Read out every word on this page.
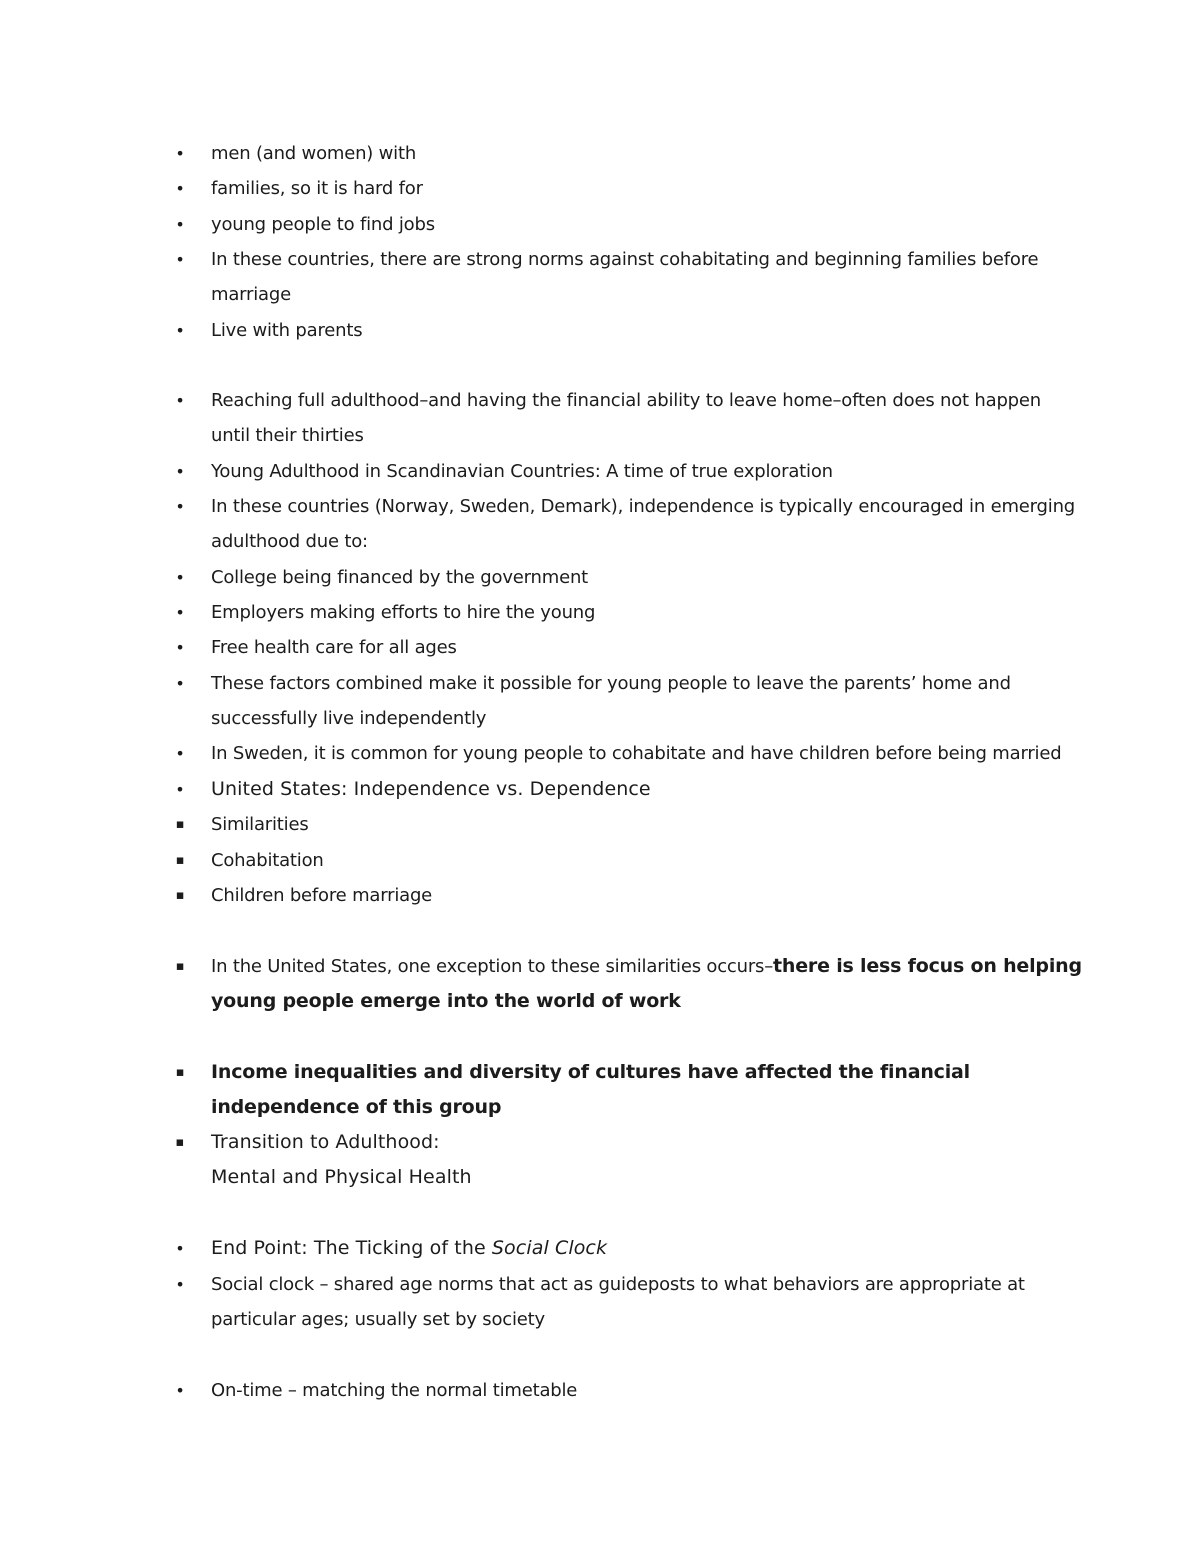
• men (and women) with
• families, so it is hard for
• young people to find jobs
• In these countries, there are strong norms against cohabitating and beginning families before
marriage
• Live with parents
• Reaching full adulthood–and having the financial ability to leave home–often does not happen
until their thirties
• Young Adulthood in Scandinavian Countries: A time of true exploration
• In these countries (Norway, Sweden, Demark), independence is typically encouraged in emerging
adulthood due to:
• College being financed by the government
• Employers making efforts to hire the young
• Free health care for all ages
• These factors combined make it possible for young people to leave the parents’ home and
successfully live independently
• In Sweden, it is common for young people to cohabitate and have children before being married
• United States: Independence vs. Dependence
▪ Similarities
▪ Cohabitation
▪ Children before marriage
▪ In the United States, one exception to these similarities occurs–there is less focus on helping
young people emerge into the world of work
▪ Income inequalities and diversity of cultures have affected the financial
independence of this group
▪ Transition to Adulthood:
Mental and Physical Health
• End Point: The Ticking of the Social Clock
• Social clock – shared age norms that act as guideposts to what behaviors are appropriate at
particular ages; usually set by society
• On-time – matching the normal timetable
